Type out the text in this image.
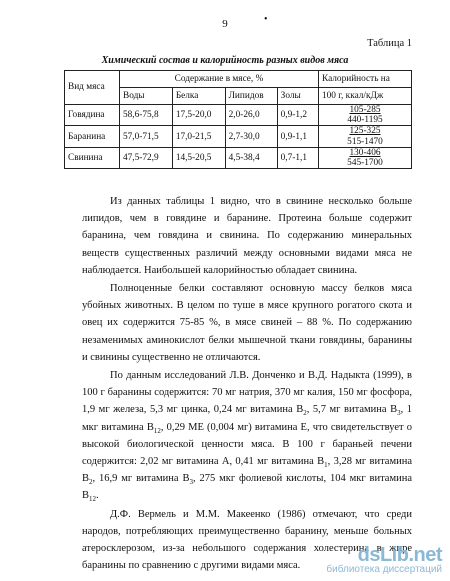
9	•
Таблица 1
Химический состав и калорийность разных видов мяса
Вид мяса	Содержание в мясе, %				Калорийность на
	Воды	Белка	Липидов	Золы	100 г, ккал/кДж
Говядина	58,6-75,8	17,5-20,0	2,0-26,0	0,9-1,2	105-285
440-1195

Баранина	57,0-71,5	17,0-21,5	2,7-30,0	0,9-1,1	125-325
515-1470

Свинина	47,5-72,9	14,5-20,5	4,5-38,4	0,7-1,1	130-406
545-1700

Из данных таблицы 1 видно, что в свинине несколько больше липидов, чем в говядине и баранине. Протеина больше содержит баранина, чем говядина и свинина. По содержанию минеральных веществ существенных различий между основными видами мяса не наблюдается. Наибольшей калорийностью обладает свинина.

Полноценные белки составляют основную массу белков мяса убойных животных. В целом по туше в мясе крупного рогатого скота и овец их содержится 75-85 %, в мясе свиней – 88 %. По содержанию незаменимых аминокислот белки мышечной ткани говядины, баранины и свинины существенно не отличаются.

По данным исследований Л.В. Донченко и В.Д. Надыкта (1999), в 100 г баранины содержится: 70 мг натрия, 370 мг калия, 150 мг фосфора, 1,9 мг железа, 5,3 мг цинка, 0,24 мг витамина $B_2$, 5,7 мг витамина $B_3$, 1 мкг витамина $B_{12}$, 0,29 МЕ (0,004 мг) витамина Е, что свидетельствует о высокой биологической ценности мяса. В 100 г бараньей печени содержится: 2,02 мг витамина А, 0,41 мг витамина $B_1$, 3,28 мг витамина $B_2$, 16,9 мг витамина $B_3$, 275 мкг фолиевой кислоты, 104 мкг витамина $B_{12}$.

Д.Ф. Вермель и М.М. Макеенко (1986) отмечают, что среди народов, потребляющих преимущественно баранину, меньше больных атеросклерозом, из-за небольшого содержания холестерина в жире баранины по сравнению с другими видами мяса.	dsLib.net
библиотека диссертаций
